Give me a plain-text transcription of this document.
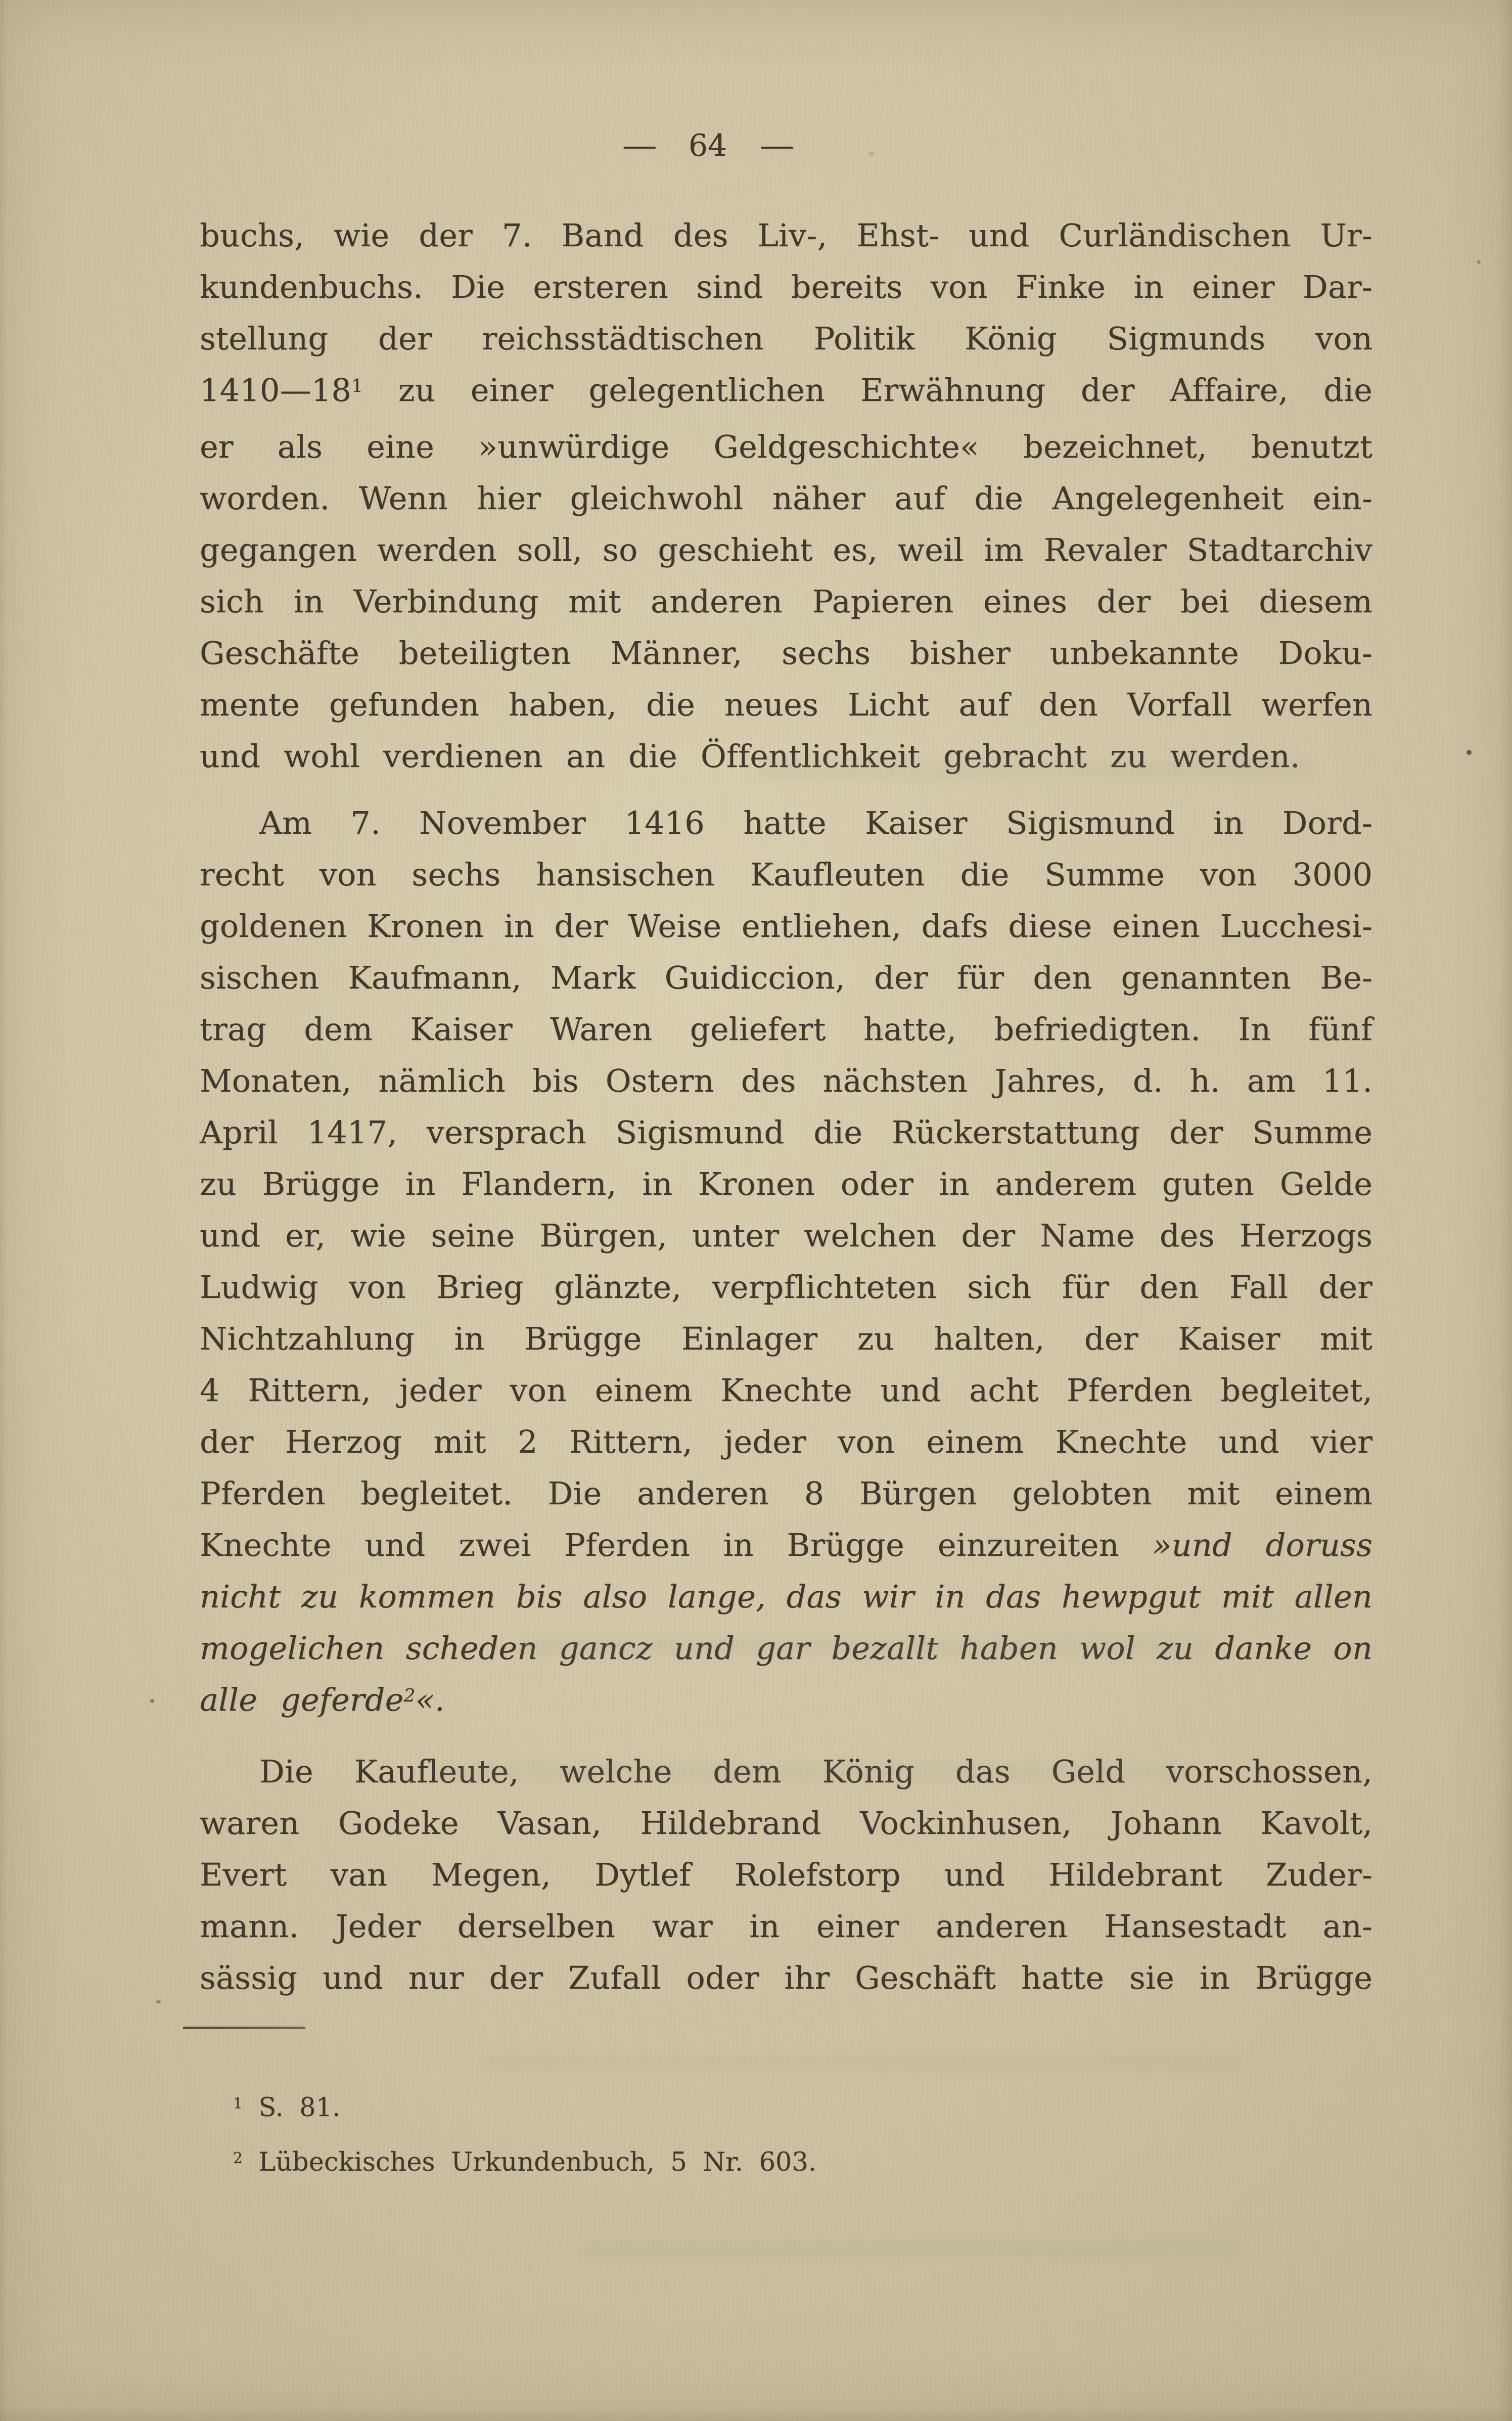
— 64 —
buchs, wie der 7. Band des Liv-, Ehst- und Curländischen Ur-
kundenbuchs. Die ersteren sind bereits von Finke in einer Dar-
stellung der reichsstädtischen Politik König Sigmunds von
$1410—18^1$ zu einer gelegentlichen Erwähnung der Affaire, die
er als eine »unwürdige Geldgeschichte« bezeichnet, benutzt
worden. Wenn hier gleichwohl näher auf die Angelegenheit ein-
gegangen werden soll, so geschieht es, weil im Revaler Stadtarchiv
sich in Verbindung mit anderen Papieren eines der bei diesem
Geschäfte beteiligten Männer, sechs bisher unbekannte Doku-
mente gefunden haben, die neues Licht auf den Vorfall werfen
und wohl verdienen an die Öffentlichkeit gebracht zu werden.
Am 7. November 1416 hatte Kaiser Sigismund in Dord-
recht von sechs hansischen Kaufleuten die Summe von 3000
goldenen Kronen in der Weise entliehen, dafs diese einen Lucchesi-
sischen Kaufmann, Mark Guidiccion, der für den genannten Be-
trag dem Kaiser Waren geliefert hatte, befriedigten. In fünf
Monaten, nämlich bis Ostern des nächsten Jahres, d. h. am 11.
April 1417, versprach Sigismund die Rückerstattung der Summe
zu Brügge in Flandern, in Kronen oder in anderem guten Gelde
und er, wie seine Bürgen, unter welchen der Name des Herzogs
Ludwig von Brieg glänzte, verpflichteten sich für den Fall der
Nichtzahlung in Brügge Einlager zu halten, der Kaiser mit
4 Rittern, jeder von einem Knechte und acht Pferden begleitet,
der Herzog mit 2 Rittern, jeder von einem Knechte und vier
Pferden begleitet. Die anderen 8 Bürgen gelobten mit einem
Knechte und zwei Pferden in Brügge einzureiten »und doruss
nicht zu kommen bis also lange, das wir in das hewpgut mit allen
mogelichen scheden gancz und gar bezallt haben wol zu danke on
alle geferde$^2$«.
Die Kaufleute, welche dem König das Geld vorschossen,
waren Godeke Vasan, Hildebrand Vockinhusen, Johann Kavolt,
Evert van Megen, Dytlef Rolefstorp und Hildebrant Zuder-
mann. Jeder derselben war in einer anderen Hansestadt an-
sässig und nur der Zufall oder ihr Geschäft hatte sie in Brügge
$^1$ S. 81.
$^2$ Lübeckisches Urkundenbuch, 5 Nr. 603.
